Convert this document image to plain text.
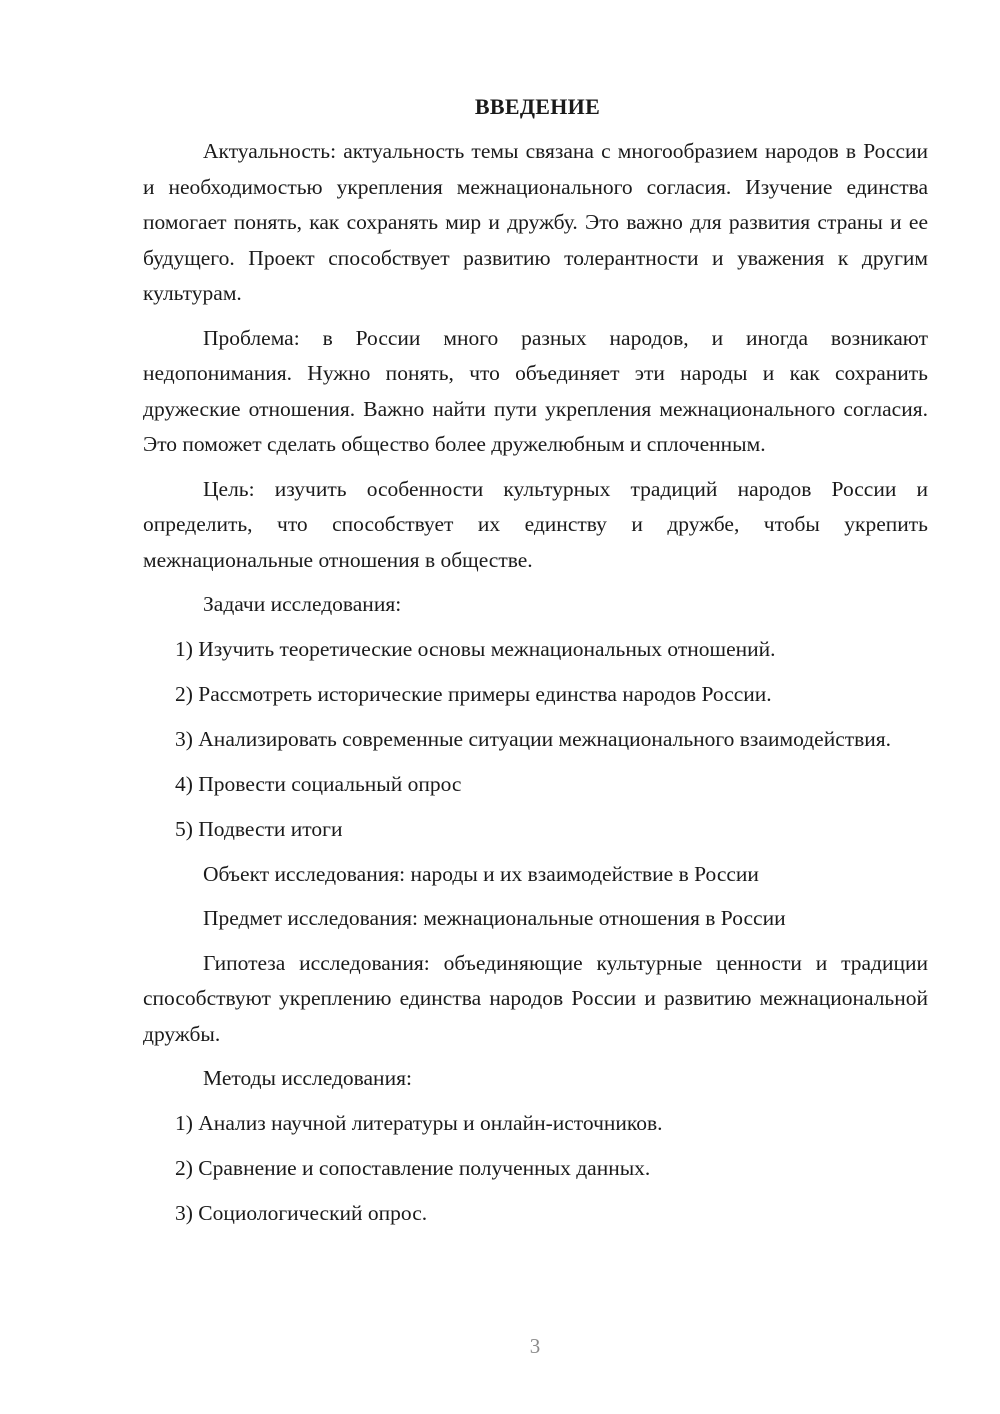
ВВЕДЕНИЕ

Актуальность: актуальность темы связана с многообразием народов в России и необходимостью укрепления межнационального согласия. Изучение единства помогает понять, как сохранять мир и дружбу. Это важно для развития страны и ее будущего. Проект способствует развитию толерантности и уважения к другим культурам.

Проблема: в России много разных народов, и иногда возникают недопонимания. Нужно понять, что объединяет эти народы и как сохранить дружеские отношения. Важно найти пути укрепления межнационального согласия. Это поможет сделать общество более дружелюбным и сплоченным.

Цель: изучить особенности культурных традиций народов России и определить, что способствует их единству и дружбе, чтобы укрепить межнациональные отношения в обществе.

Задачи исследования:

1) Изучить теоретические основы межнациональных отношений.

2) Рассмотреть исторические примеры единства народов России.

3) Анализировать современные ситуации межнационального взаимодействия.

4) Провести социальный опрос

5) Подвести итоги

Объект исследования: народы и их взаимодействие в России

Предмет исследования: межнациональные отношения в России

Гипотеза исследования: объединяющие культурные ценности и традиции способствуют укреплению единства народов России и развитию межнациональной дружбы.

Методы исследования:

1) Анализ научной литературы и онлайн-источников.

2) Сравнение и сопоставление полученных данных.

3) Социологический опрос.

3
